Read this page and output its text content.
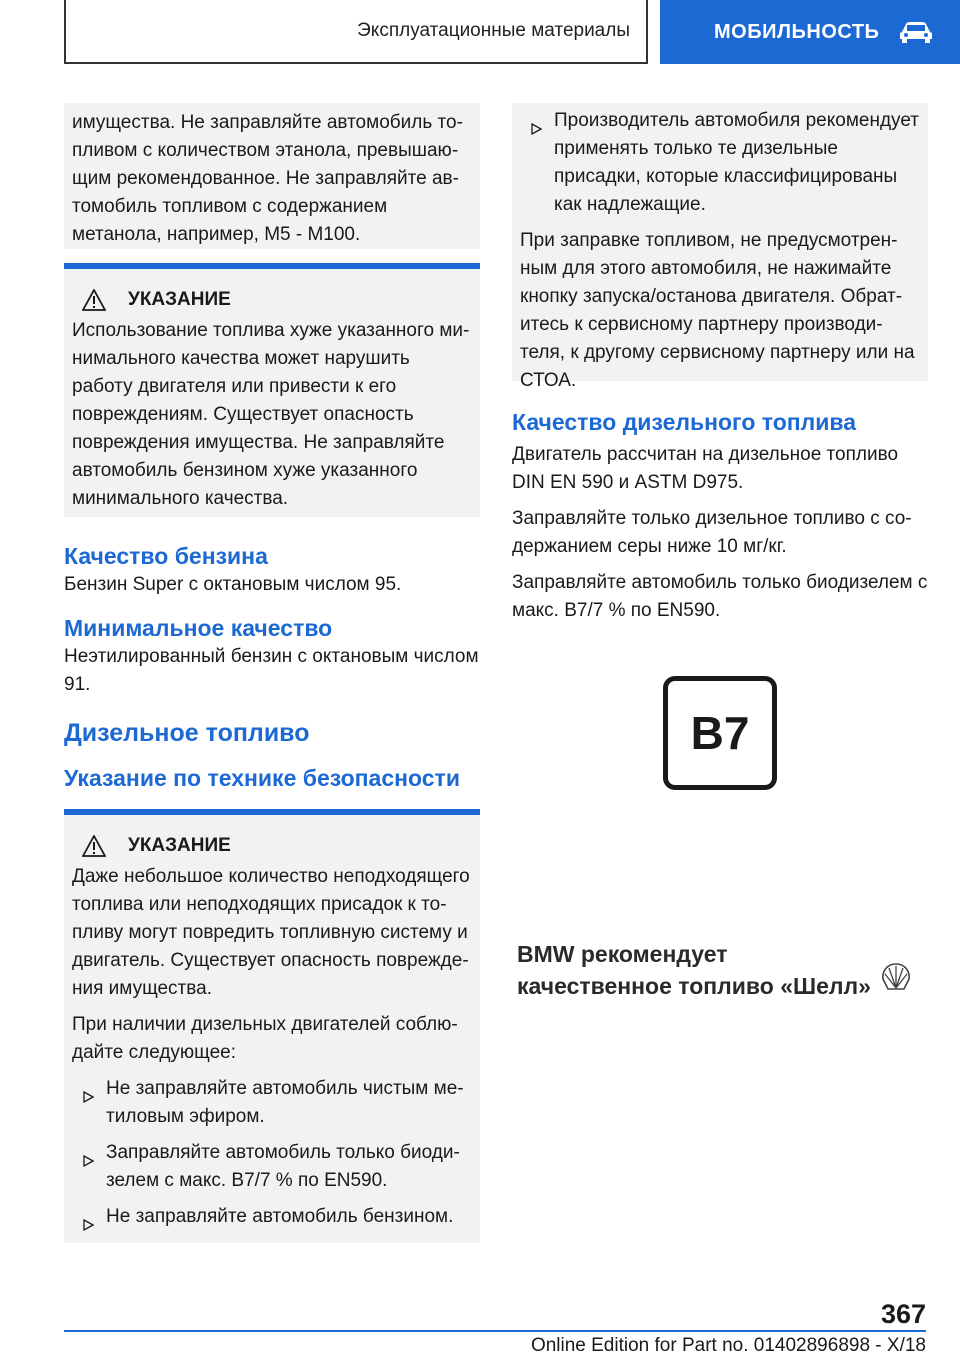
Эксплуатационные материалы	МОБИЛЬНОСТЬ

имущества. Не заправляйте автомобиль топливом с количеством этанола, превышающим рекомендованное. Не заправляйте автомобиль топливом с содержанием метанола, например, M5 - M100.

УКАЗАНИЕ

Использование топлива хуже указанного минимального качества может нарушить работу двигателя или привести к его повреждениям. Существует опасность повреждения имущества. Не заправляйте автомобиль бензином хуже указанного минимального качества.

Качество бензина

Бензин Super с октановым числом 95.

Минимальное качество

Неэтилированный бензин с октановым числом 91.

Дизельное топливо
Указание по технике безопасности
УКАЗАНИЕ

Даже небольшое количество неподходящего топлива или неподходящих присадок к топливу могут повредить топливную систему и двигатель. Существует опасность повреждения имущества.

При наличии дизельных двигателей соблюдайте следующее:

Не заправляйте автомобиль чистым метиловым эфиром.
Заправляйте автомобиль только биодизелем с макс. B7/7 % по EN590.
Не заправляйте автомобиль бензином.
Производитель автомобиля рекомендует применять только те дизельные присадки, которые классифицированы как надлежащие.

При заправке топливом, не предусмотренным для этого автомобиля, не нажимайте кнопку запуска/останова двигателя. Обратитесь к сервисному партнеру производителя, к другому сервисному партнеру или на СТОА.

Качество дизельного топлива

Двигатель рассчитан на дизельное топливо DIN EN 590 и ASTM D975.

Заправляйте только дизельное топливо с содержанием серы ниже 10 мг/кг.

Заправляйте автомобиль только биодизелем с макс. B7/7 % по EN590.

B7
BMW рекомендует
качественное топливо «Шелл»
367
Online Edition for Part no. 01402896898 - X/18
